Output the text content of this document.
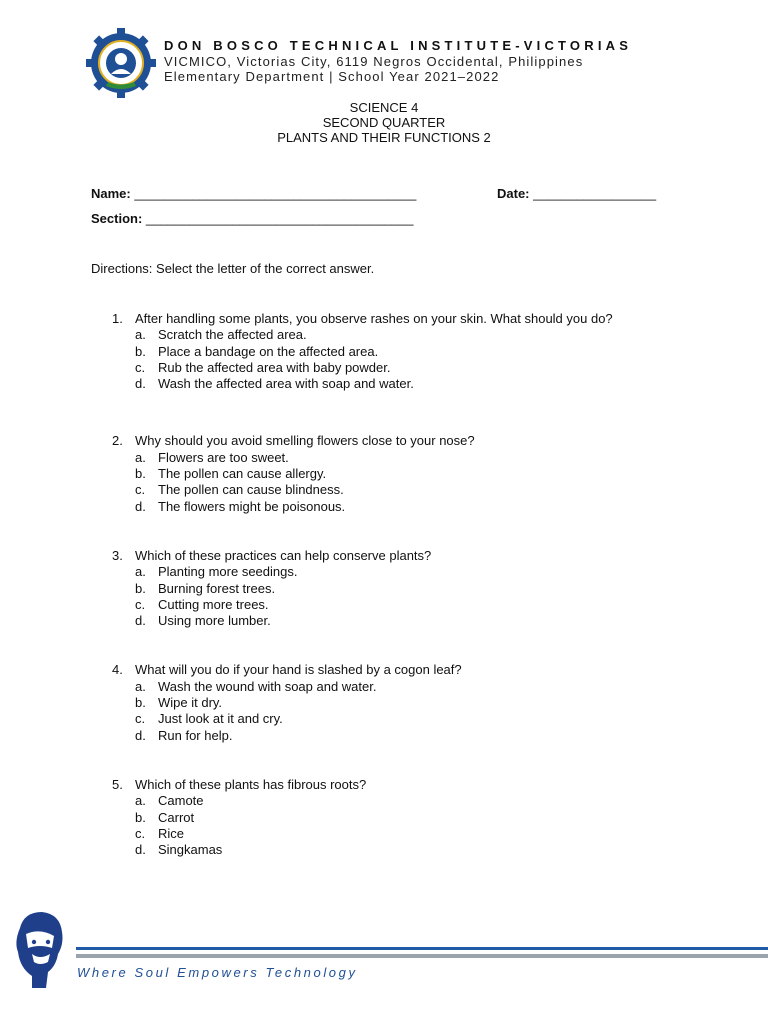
DON BOSCO TECHNICAL INSTITUTE-VICTORIAS
VICMICO, Victorias City, 6119 Negros Occidental, Philippines
Elementary Department | School Year 2021–2022
SCIENCE 4
SECOND QUARTER
PLANTS AND THEIR FUNCTIONS 2
Name: _______________________________________	Date: _________________
Section: _____________________________________
Directions: Select the letter of the correct answer.
1. After handling some plants, you observe rashes on your skin. What should you do?
a. Scratch the affected area.
b. Place a bandage on the affected area.
c. Rub the affected area with baby powder.
d. Wash the affected area with soap and water.
2. Why should you avoid smelling flowers close to your nose?
a. Flowers are too sweet.
b. The pollen can cause allergy.
c. The pollen can cause blindness.
d. The flowers might be poisonous.
3. Which of these practices can help conserve plants?
a. Planting more seedings.
b. Burning forest trees.
c. Cutting more trees.
d. Using more lumber.
4. What will you do if your hand is slashed by a cogon leaf?
a. Wash the wound with soap and water.
b. Wipe it dry.
c. Just look at it and cry.
d. Run for help.
5. Which of these plants has fibrous roots?
a. Camote
b. Carrot
c. Rice
d. Singkamas
Where Soul Empowers Technology
